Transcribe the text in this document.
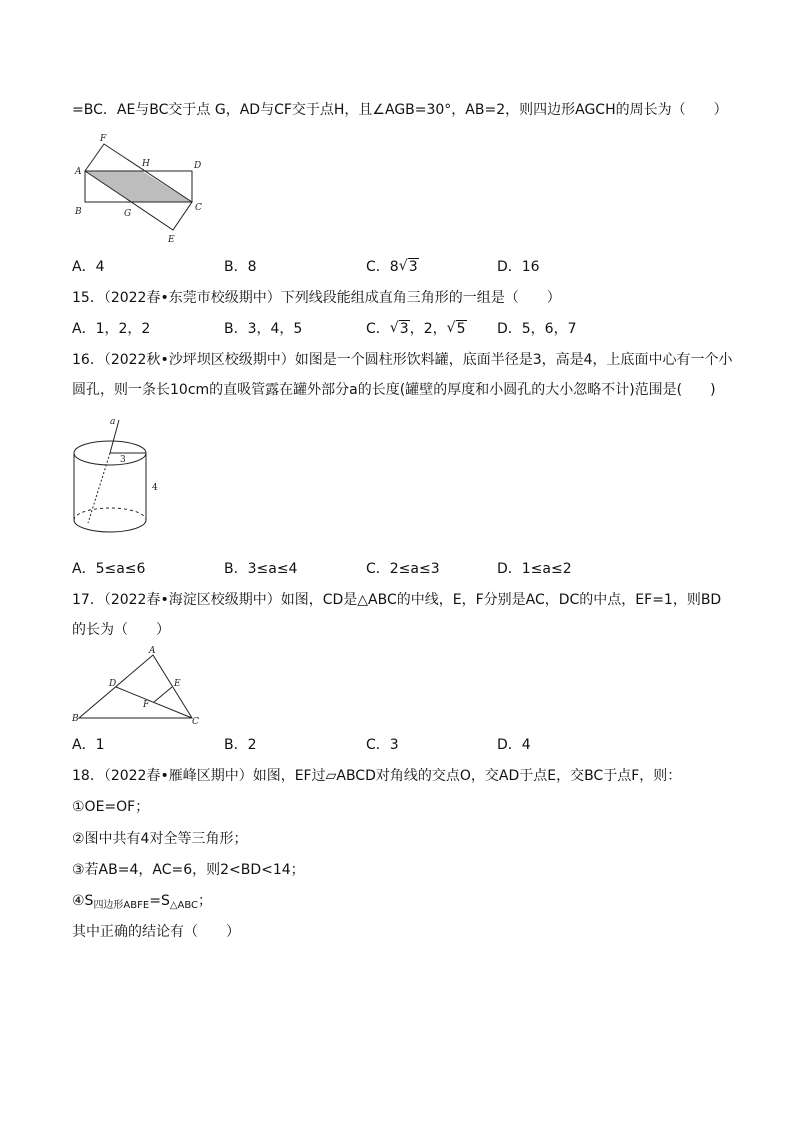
=BC．AE与BC交于点 G，AD与CF交于点H，且∠AGB=30°，AB=2，则四边形AGCH的周长为（　　）
F
H	D
A
B	G
C
E
A．4	B．8	C．8 √ 3	D．16
15．（2022春•东莞市校级期中）下列线段能组成直角三角形的一组是（　　）
A．1，2，2	B．3，4，5	C． √ 3，2， √ 5 D．5，6，7
16．（2022秋•沙坪坝区校级期中）如图是一个圆柱形饮料罐，底面半径是3，高是4，上底面中心有一个小
圆孔，则一条长10cm的直吸管露在罐外部分a的长度(罐壁的厚度和小圆孔的大小忽略不计)范围是(　　)
a
3
4
A．5≤a≤6	B．3≤a≤4	C．2≤a≤3	D．1≤a≤2
17．（2022春•海淀区校级期中）如图，CD是△ABC的中线，E，F分别是AC，DC的中点，EF=1，则BD
的长为（　　）
A
D	E
F
B	C
A．1	B．2	C．3	D．4
18．（2022春•雁峰区期中）如图，EF过▱ABCD对角线的交点O，交AD于点E，交BC于点F，则：
①OE=OF；
②图中共有4对全等三角形；
③若AB=4，AC=6，则2<BD<14；
$④S_{四边形ABFE}=S_{\triangle ABC}$；
其中正确的结论有（　　）
